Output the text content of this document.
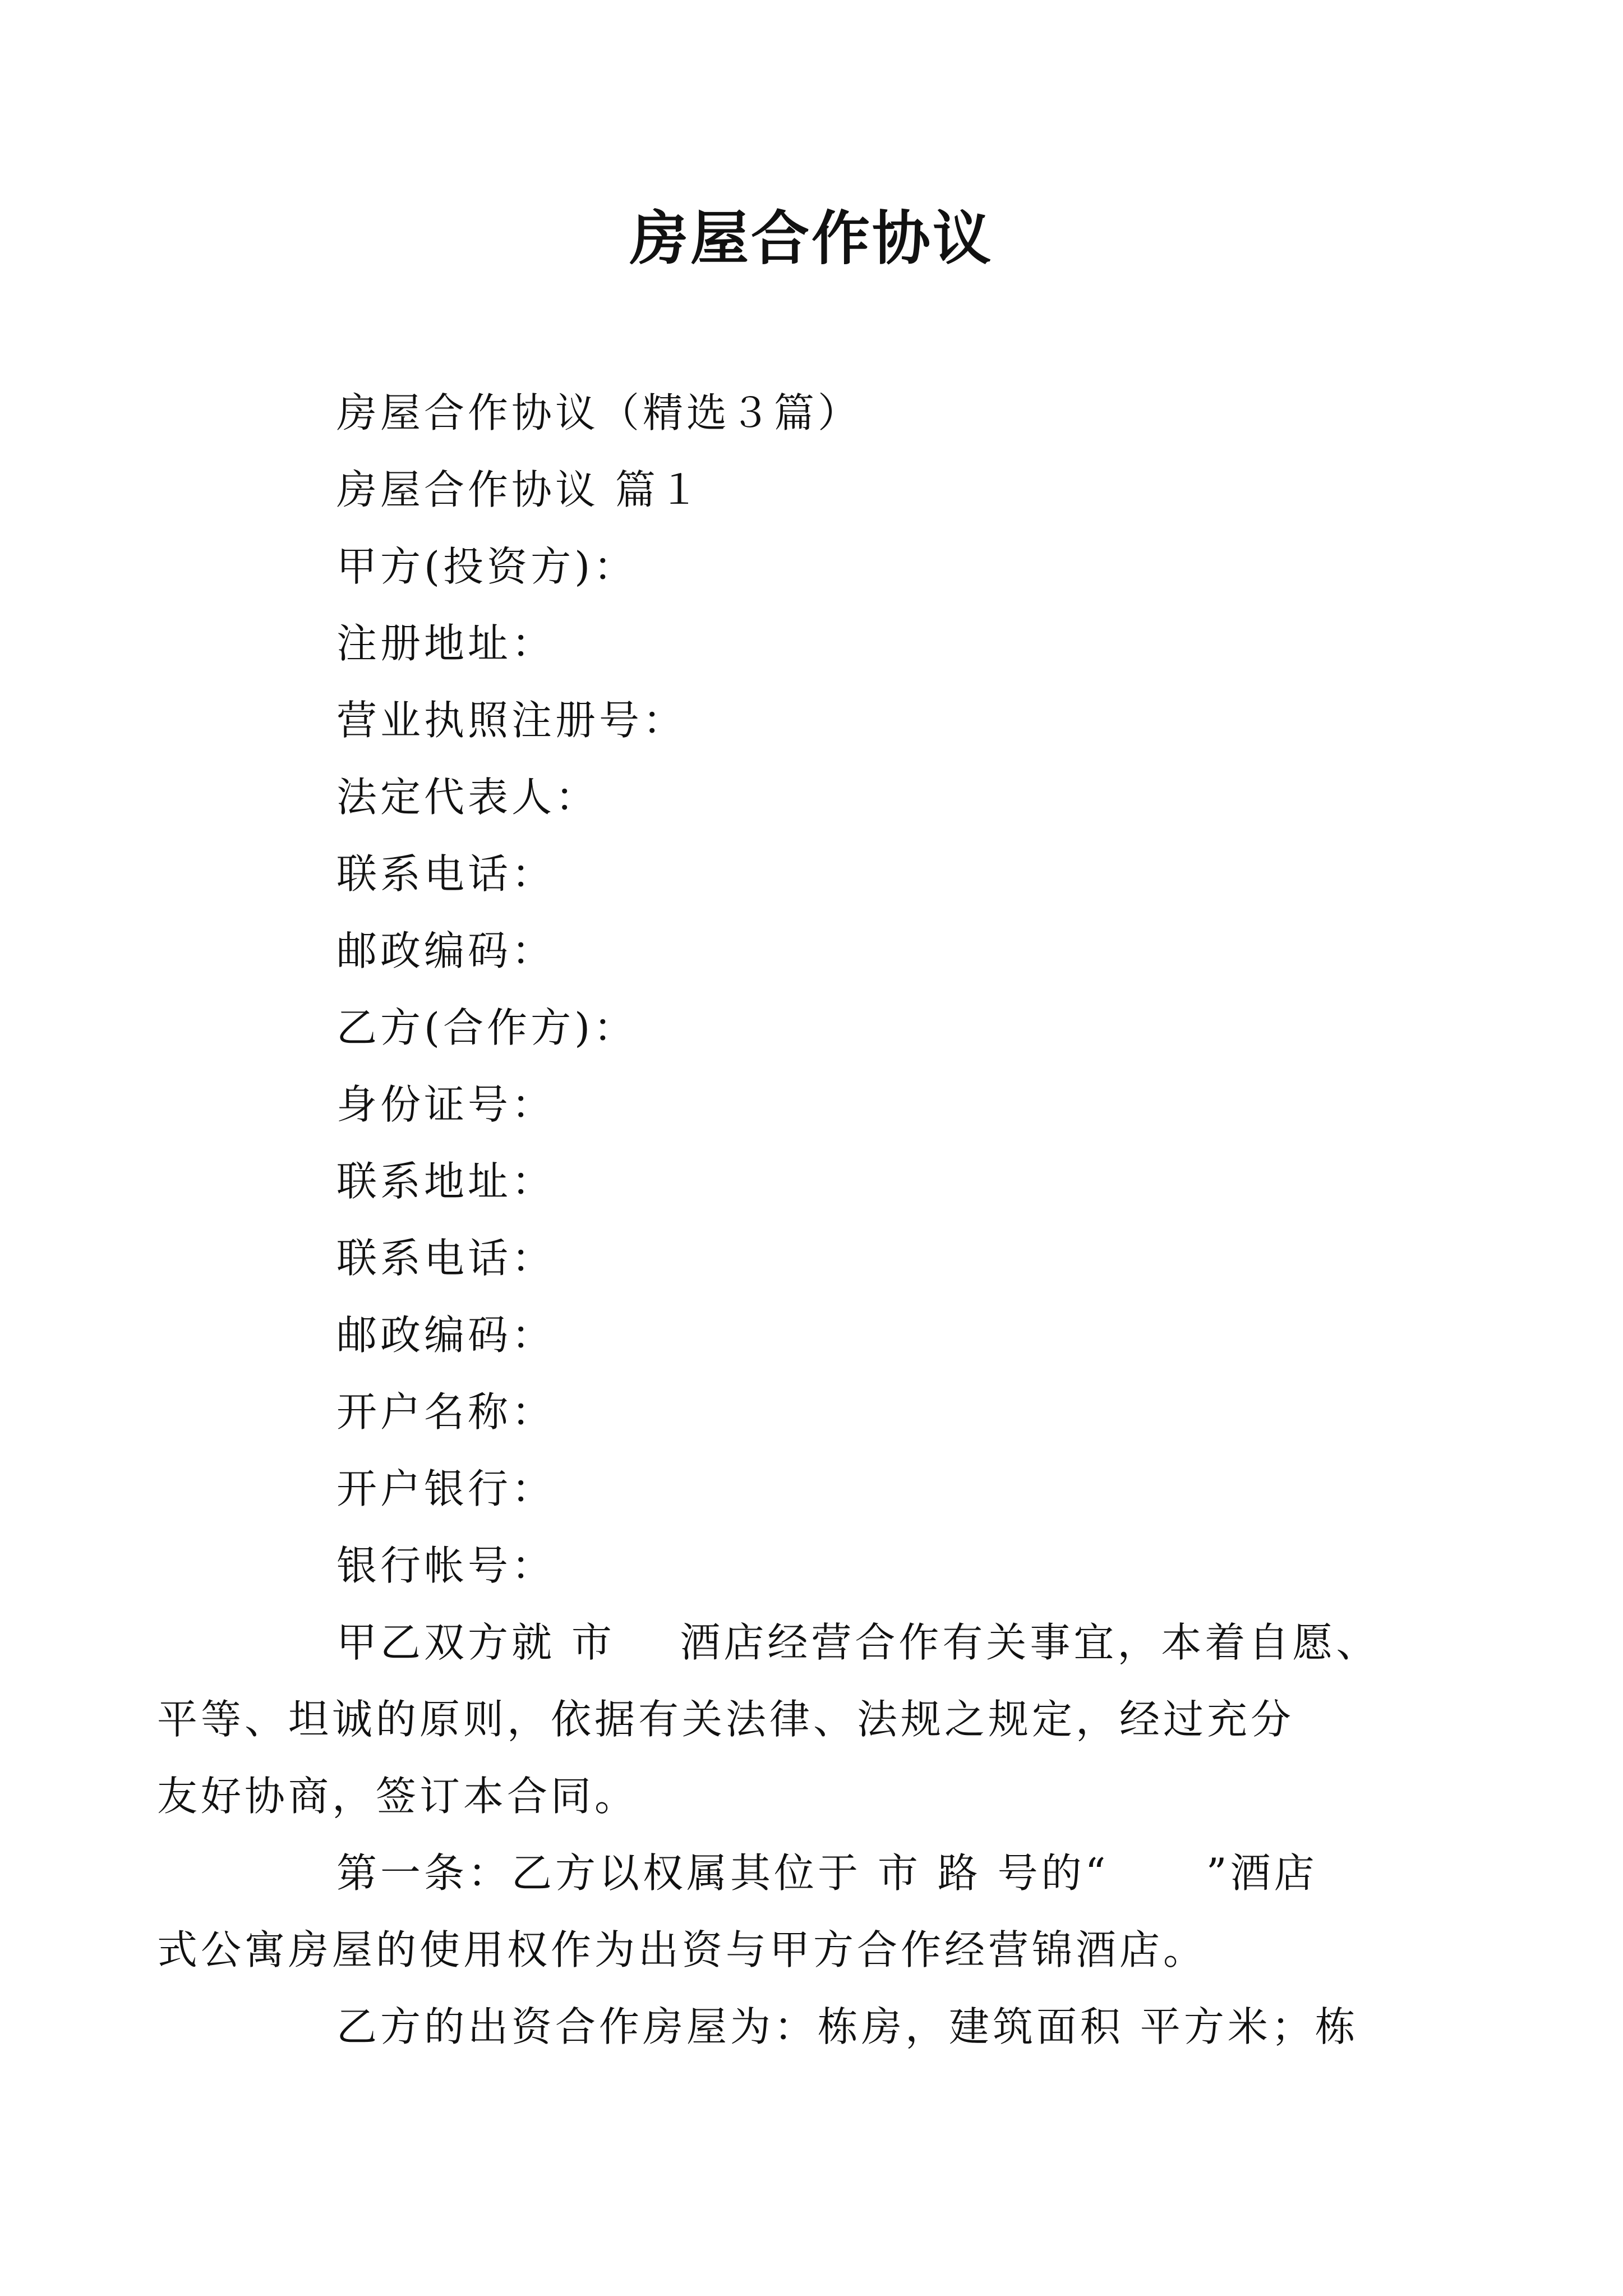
房屋合作协议
房屋合作协议（精选３篇）
房屋合作协议 篇１
甲方(投资方)：
注册地址：
营业执照注册号：
法定代表人：
联系电话：
邮政编码：
乙方(合作方)：
身份证号：
联系地址：
联系电话：
邮政编码：
开户名称：
开户银行：
银行帐号：
甲乙双方就 市    酒店经营合作有关事宜，本着自愿、
平等、坦诚的原则，依据有关法律、法规之规定，经过充分
友好协商，签订本合同。
第一条：乙方以权属其位于 市 路 号的“      ”酒店
式公寓房屋的使用权作为出资与甲方合作经营锦酒店。
乙方的出资合作房屋为：栋房，建筑面积 平方米；栋
